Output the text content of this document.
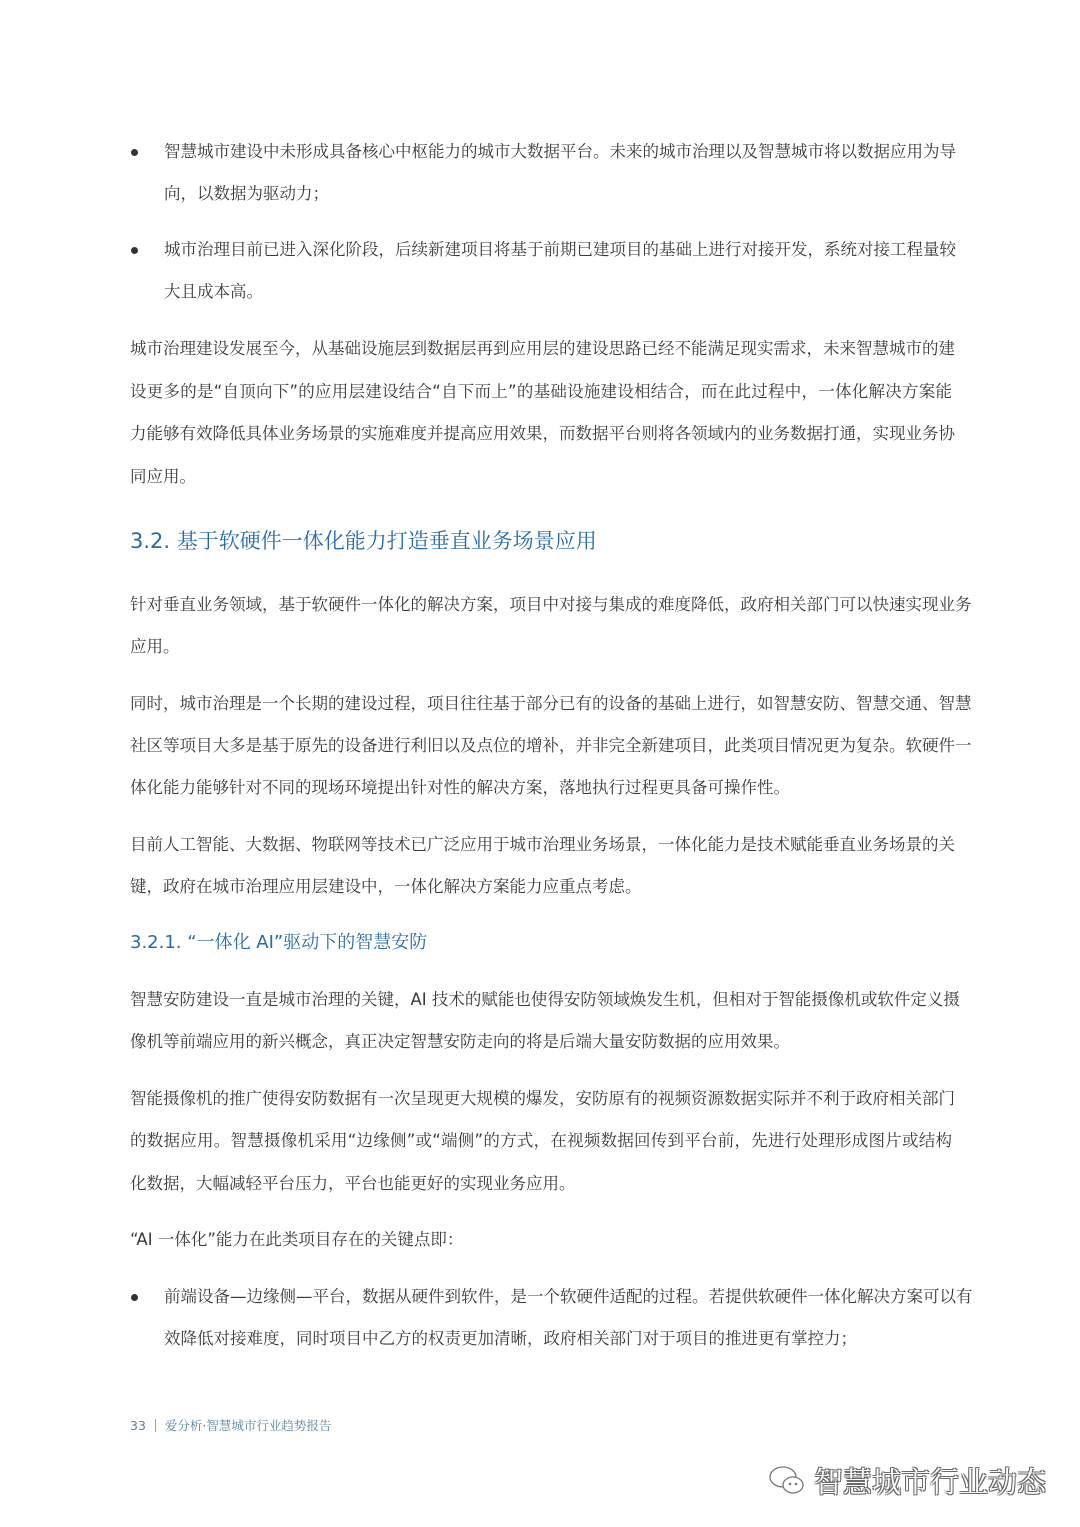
智慧城市建设中未形成具备核心中枢能力的城市大数据平台。未来的城市治理以及智慧城市将以数据应用为导
向，以数据为驱动力；
城市治理目前已进入深化阶段，后续新建项目将基于前期已建项目的基础上进行对接开发，系统对接工程量较
大且成本高。
城市治理建设发展至今，从基础设施层到数据层再到应用层的建设思路已经不能满足现实需求，未来智慧城市的建
设更多的是“自顶向下”的应用层建设结合“自下而上”的基础设施建设相结合，而在此过程中，一体化解决方案能
力能够有效降低具体业务场景的实施难度并提高应用效果，而数据平台则将各领域内的业务数据打通，实现业务协
同应用。
3.2. 基于软硬件一体化能力打造垂直业务场景应用
针对垂直业务领域，基于软硬件一体化的解决方案，项目中对接与集成的难度降低，政府相关部门可以快速实现业务
应用。
同时，城市治理是一个长期的建设过程，项目往往基于部分已有的设备的基础上进行，如智慧安防、智慧交通、智慧
社区等项目大多是基于原先的设备进行利旧以及点位的增补，并非完全新建项目，此类项目情况更为复杂。软硬件一
体化能力能够针对不同的现场环境提出针对性的解决方案，落地执行过程更具备可操作性。
目前人工智能、大数据、物联网等技术已广泛应用于城市治理业务场景，一体化能力是技术赋能垂直业务场景的关
键，政府在城市治理应用层建设中，一体化解决方案能力应重点考虑。
3.2.1. “一体化 AI”驱动下的智慧安防
智慧安防建设一直是城市治理的关键，AI 技术的赋能也使得安防领域焕发生机，但相对于智能摄像机或软件定义摄
像机等前端应用的新兴概念，真正决定智慧安防走向的将是后端大量安防数据的应用效果。
智能摄像机的推广使得安防数据有一次呈现更大规模的爆发，安防原有的视频资源数据实际并不利于政府相关部门
的数据应用。智慧摄像机采用“边缘侧”或“端侧”的方式，在视频数据回传到平台前，先进行处理形成图片或结构
化数据，大幅减轻平台压力，平台也能更好的实现业务应用。
“AI 一体化”能力在此类项目存在的关键点即：
前端设备—边缘侧—平台，数据从硬件到软件，是一个软硬件适配的过程。若提供软硬件一体化解决方案可以有
效降低对接难度，同时项目中乙方的权责更加清晰，政府相关部门对于项目的推进更有掌控力；
33 爱分析·智慧城市行业趋势报告
智慧城市行业动态
